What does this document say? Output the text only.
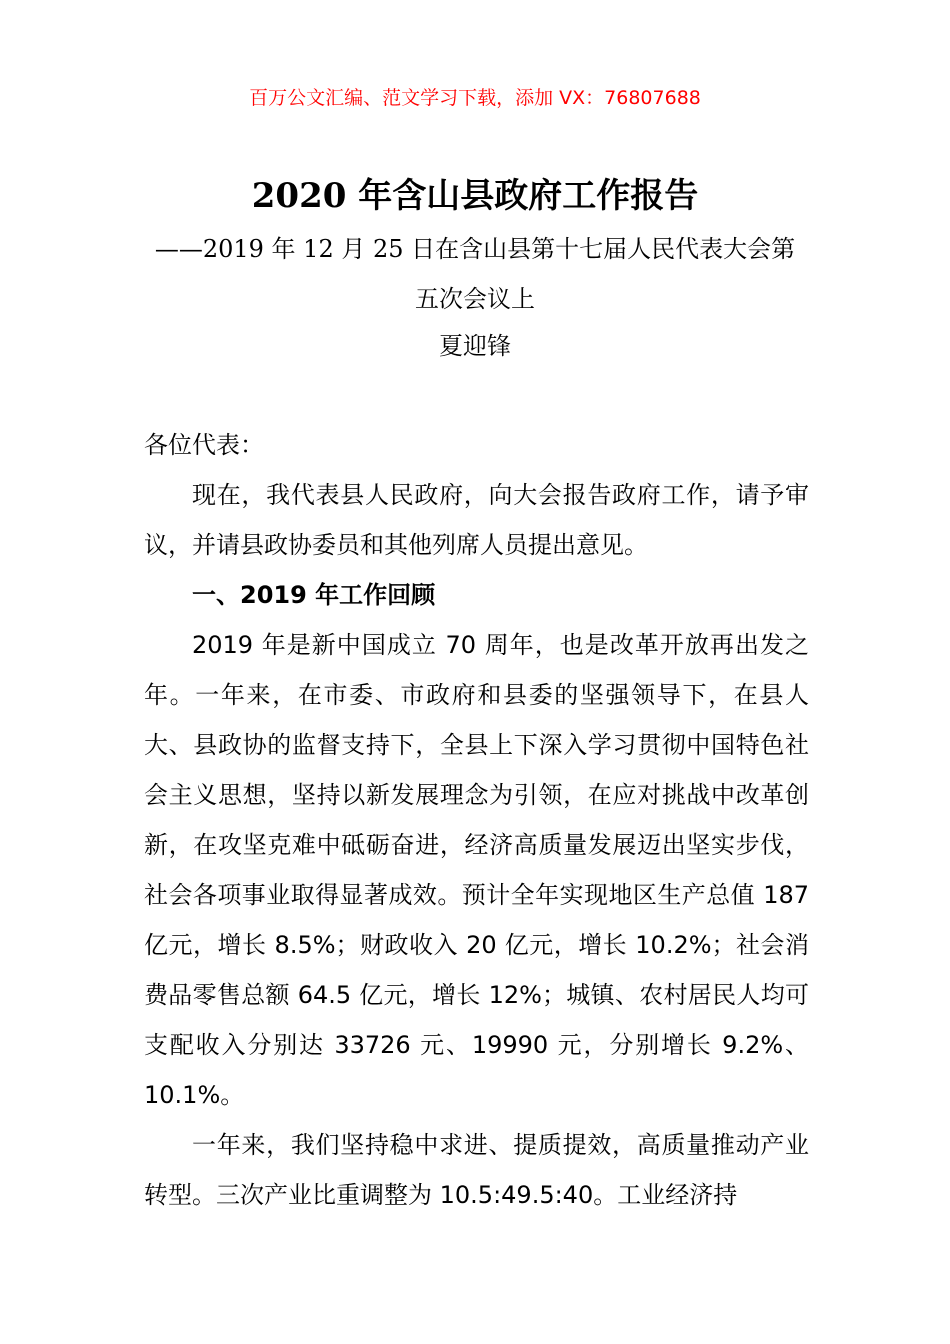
百万公文汇编、范文学习下载，添加 VX：76807688
2020 年含山县政府工作报告
——2019 年 12 月 25 日在含山县第十七届人民代表大会第五次会议上
夏迎锋

各位代表：

现在，我代表县人民政府，向大会报告政府工作，请予审议，并请县政协委员和其他列席人员提出意见。

一、2019 年工作回顾

2019 年是新中国成立 70 周年，也是改革开放再出发之年。一年来，在市委、市政府和县委的坚强领导下，在县人大、县政协的监督支持下，全县上下深入学习贯彻中国特色社会主义思想，坚持以新发展理念为引领，在应对挑战中改革创新，在攻坚克难中砥砺奋进，经济高质量发展迈出坚实步伐，社会各项事业取得显著成效。预计全年实现地区生产总值 187 亿元，增长 8.5%；财政收入 20 亿元，增长 10.2%；社会消费品零售总额 64.5 亿元，增长 12%；城镇、农村居民人均可支配收入分别达 33726 元、19990 元，分别增长 9.2%、10.1%。

一年来，我们坚持稳中求进、提质提效，高质量推动产业转型。三次产业比重调整为 10.5:49.5:40。工业经济持
